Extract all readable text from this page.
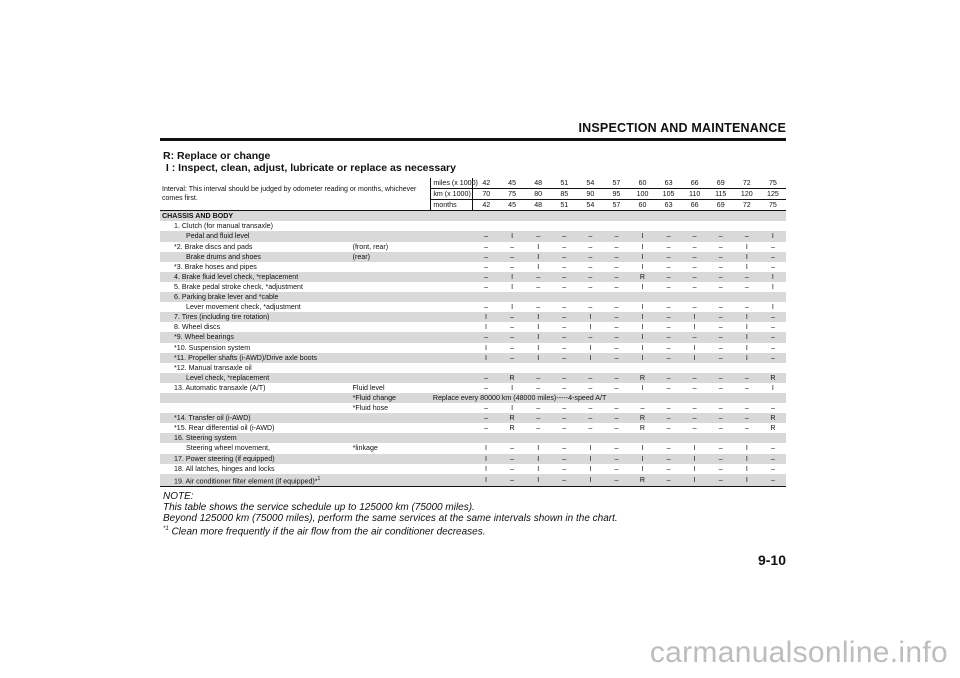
INSPECTION AND MAINTENANCE
R: Replace or change
I : Inspect, clean, adjust, lubricate or replace as necessary
Interval: This interval should be judged by odometer reading or months, whichever comes first.		miles (x 1000)	42	45	48	51	54	57	60	63	66	69	72	75
		km (x 1000)	70	75	80	85	90	95	100	105	110	115	120	125
		months	42	45	48	51	54	57	60	63	66	69	72	75
CHASSIS AND BODY														
1. Clutch (for manual transaxle)														
Pedal and fluid level			–	I	–	–	–	–	I	–	–	–	–	I
*2. Brake discs and pads	(front, rear)		–	–	I	–	–	–	I	–	–	–	I	–
Brake drums and shoes	(rear)		–	–	I	–	–	–	I	–	–	–	I	–
*3. Brake hoses and pipes			–	–	I	–	–	–	I	–	–	–	I	–
4. Brake fluid level check, *replacement			–	I	–	–	–	–	R	–	–	–	–	I
5. Brake pedal stroke check, *adjustment			–	I	–	–	–	–	I	–	–	–	–	I
6. Parking brake lever and *cable														
Lever movement check, *adjustment			–	I	–	–	–	–	I	–	–	–	–	I
7. Tires (including tire rotation)			I	–	I	–	I	–	I	–	I	–	I	–
8. Wheel discs			I	–	I	–	I	–	I	–	I	–	I	–
*9. Wheel bearings			–	–	I	–	–	–	I	–	–	–	I	–
*10. Suspension system			I	–	I	–	I	–	I	–	I	–	I	–
*11. Propeller shafts (i-AWD)/Drive axle boots			I	–	I	–	I	–	I	–	I	–	I	–
*12. Manual transaxle oil														
Level check, *replacement			–	R	–	–	–	–	R	–	–	–	–	R
13. Automatic transaxle (A/T)	Fluid level		–	I	–	–	–	–	I	–	–	–	–	I
	*Fluid change	Replace every 80000 km (48000 miles)-----4-speed A/T												
	*Fluid hose		–	I	–	–	–	–	–	–	–	–	–	–
*14. Transfer oil (i-AWD)			–	R	–	–	–	–	R	–	–	–	–	R
*15. Rear differential oil (i-AWD)			–	R	–	–	–	–	R	–	–	–	–	R
16. Steering system														
Steering wheel movement,	*linkage		I	–	I	–	I	–	I	–	I	–	I	–
17. Power steering (if equipped)			I	–	I	–	I	–	I	–	I	–	I	–
18. All latches, hinges and locks			I	–	I	–	I	–	I	–	I	–	I	–
19. Air conditioner filter element (if equipped)*$^1$			I	–	I	–	I	–	R	–	I	–	I	–
NOTE:
This table shows the service schedule up to 125000 km (75000 miles).
Beyond 125000 km (75000 miles), perform the same services at the same intervals shown in the chart.
$^{*1}$ Clean more frequently if the air flow from the air conditioner decreases.
9-10
carmanualsonline.info
